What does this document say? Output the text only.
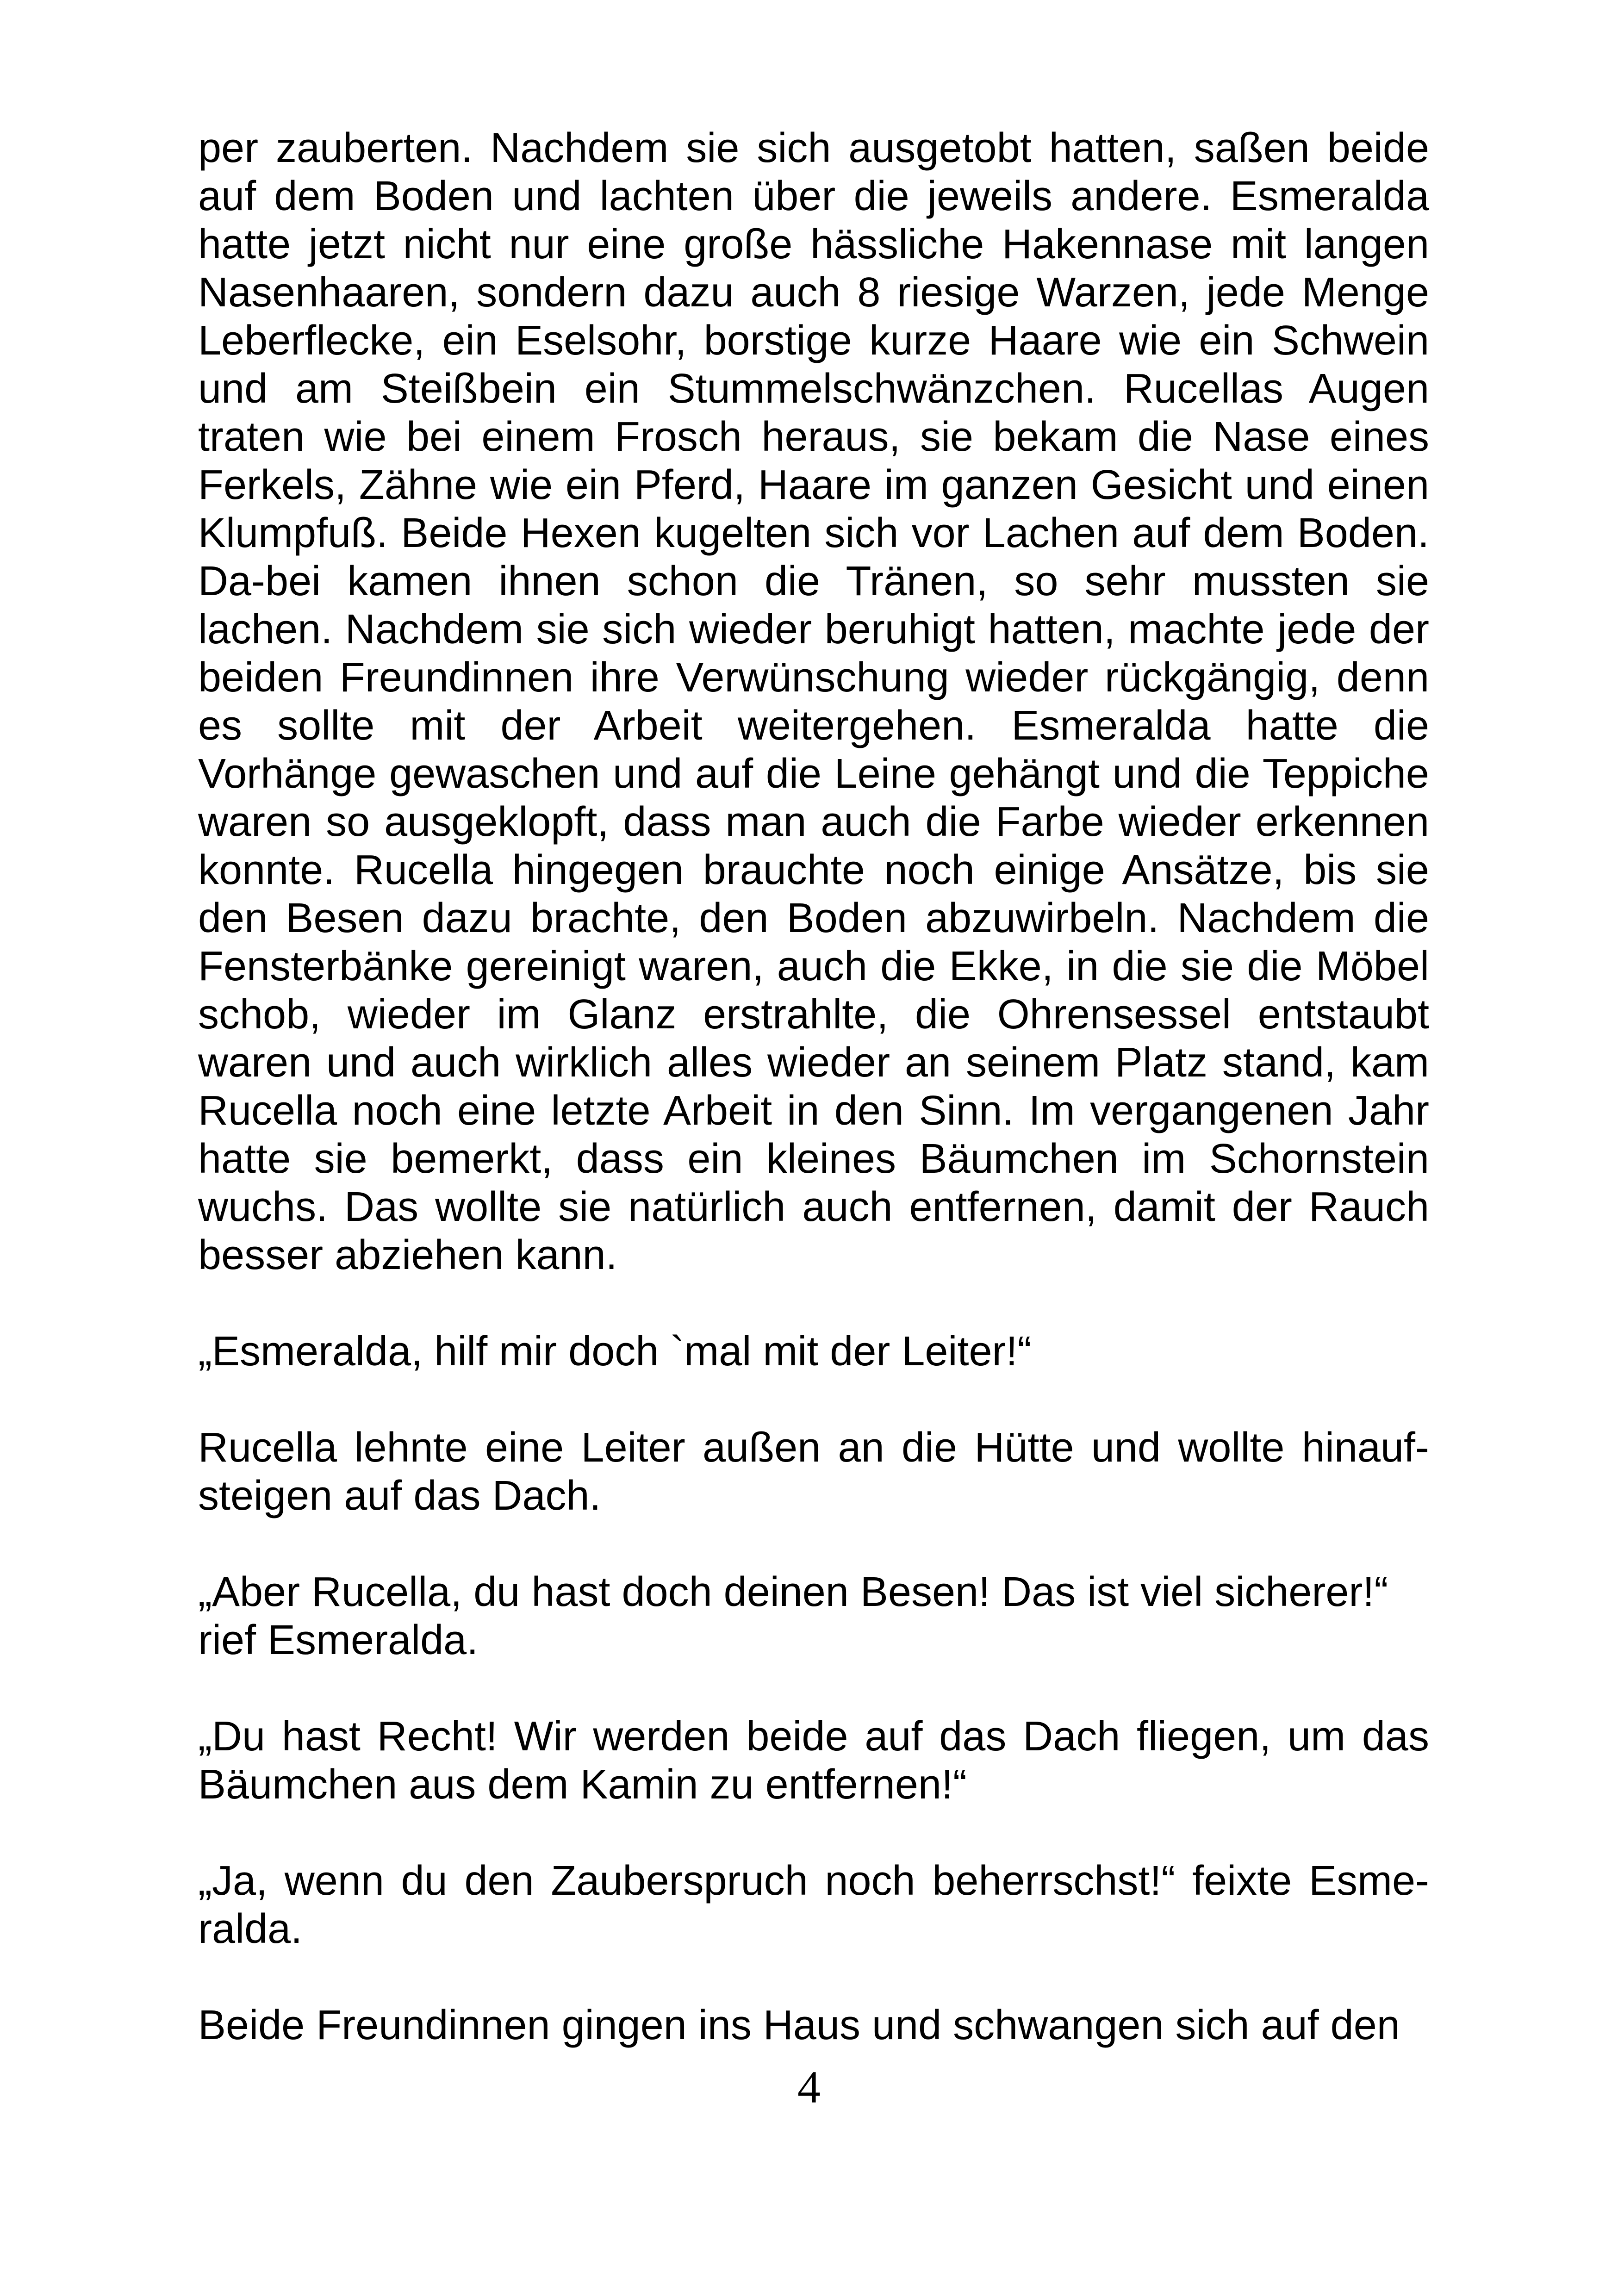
per zauberten. Nachdem sie sich ausgetobt hatten, saßen beide auf dem Boden und lachten über die jeweils andere. Esmeralda hatte jetzt nicht nur eine große hässliche Hakennase mit langen Nasenhaaren, sondern dazu auch 8 riesige Warzen, jede Menge Leberflecke, ein Eselsohr, borstige kurze Haare wie ein Schwein und am Steißbein ein Stummelschwänzchen. Rucellas Augen traten wie bei einem Frosch heraus, sie bekam die Nase eines Ferkels, Zähne wie ein Pferd, Haare im ganzen Gesicht und einen Klumpfuß. Beide Hexen kugelten sich vor Lachen auf dem Boden. Da-bei kamen ihnen schon die Tränen, so sehr mussten sie lachen. Nachdem sie sich wieder beruhigt hatten, machte jede der beiden Freundinnen ihre Verwünschung wieder rückgängig, denn es sollte mit der Arbeit weitergehen. Esmeralda hatte die Vorhänge gewaschen und auf die Leine gehängt und die Teppiche waren so ausgeklopft, dass man auch die Farbe wieder erkennen konnte. Rucella hingegen brauchte noch einige Ansätze, bis sie den Besen dazu brachte, den Boden abzuwirbeln. Nachdem die Fensterbänke gereinigt waren, auch die Ekke, in die sie die Möbel schob, wieder im Glanz erstrahlte, die Ohrensessel entstaubt waren und auch wirklich alles wieder an seinem Platz stand, kam Rucella noch eine letzte Arbeit in den Sinn. Im vergangenen Jahr hatte sie bemerkt, dass ein kleines Bäumchen im Schornstein wuchs. Das wollte sie natürlich auch entfernen, damit der Rauch besser abziehen kann.

„Esmeralda, hilf mir doch `mal mit der Leiter!“

Rucella lehnte eine Leiter außen an die Hütte und wollte hinaufsteigen auf das Dach.

„Aber Rucella, du hast doch deinen Besen! Das ist viel sicherer!“ rief Esmeralda.

„Du hast Recht! Wir werden beide auf das Dach fliegen, um das Bäumchen aus dem Kamin zu entfernen!“

„Ja, wenn du den Zauberspruch noch beherrschst!“ feixte Esmeralda.

Beide Freundinnen gingen ins Haus und schwangen sich auf den

4
